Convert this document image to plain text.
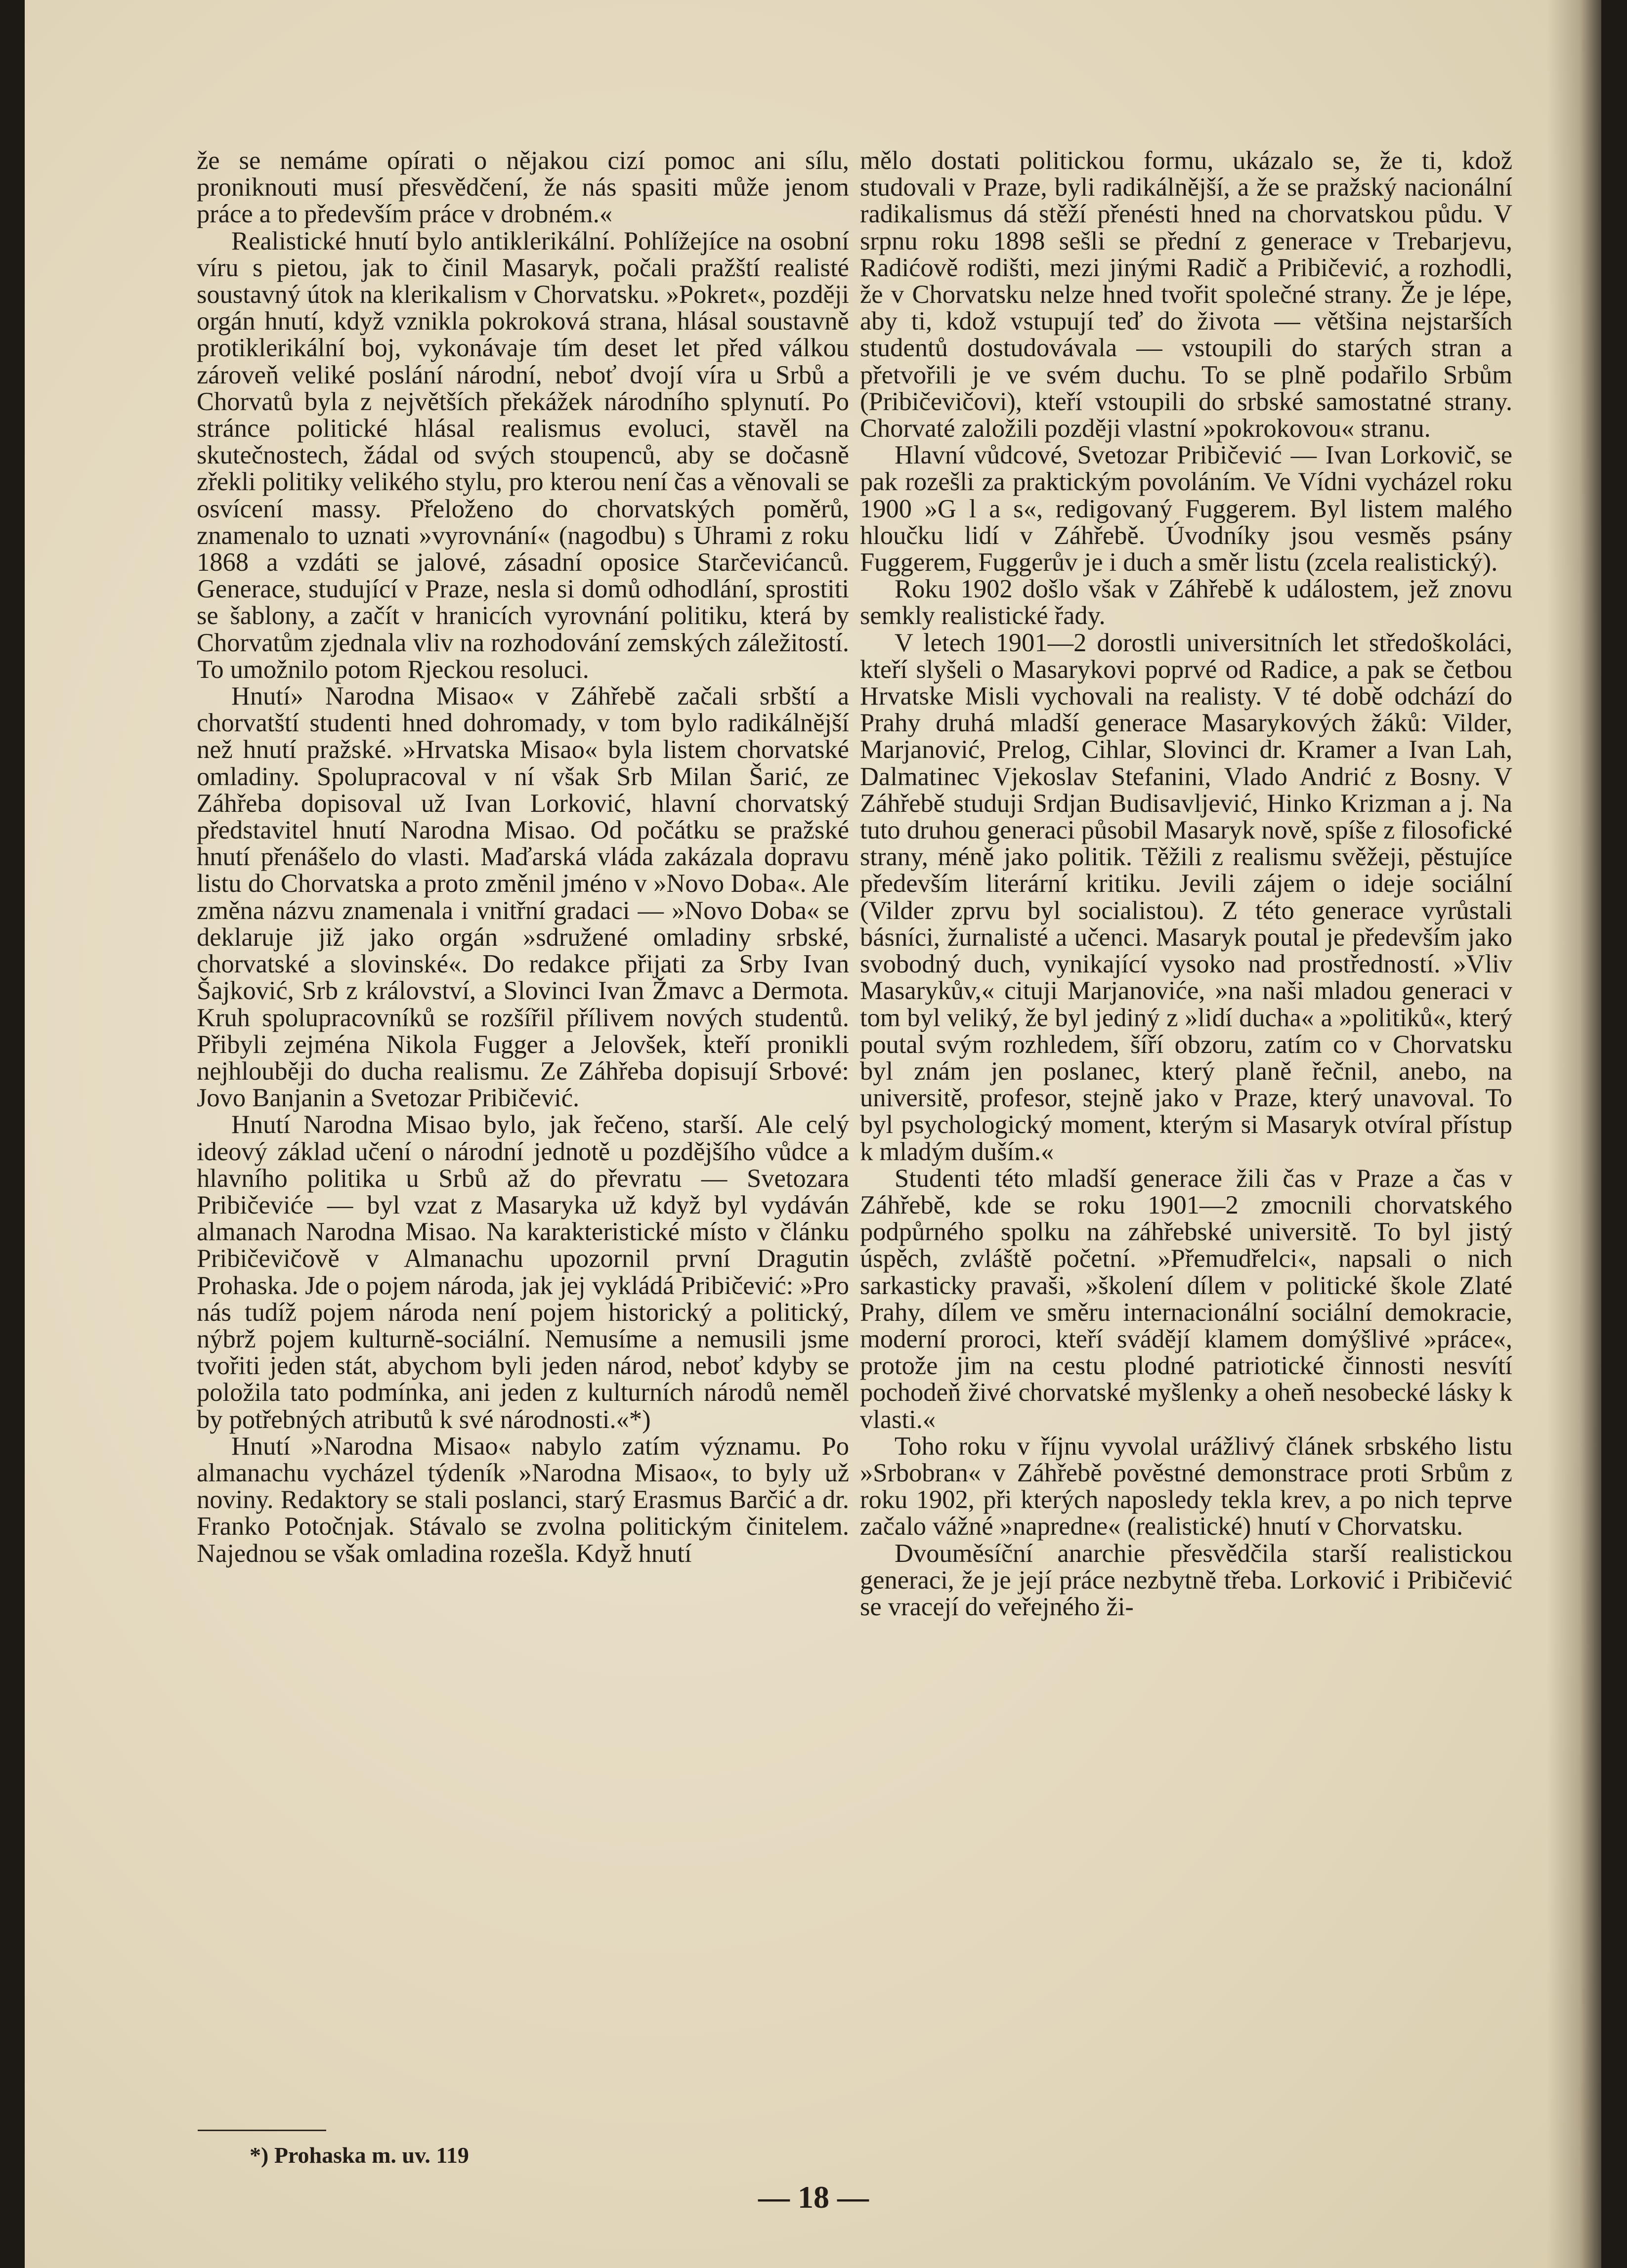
že se nemáme opírati o nějakou cizí pomoc ani sílu, proniknouti musí přesvědčení, že nás spasiti může jenom práce a to především práce v drobném.«

Realistické hnutí bylo antiklerikální. Pohlížejíce na osobní víru s pietou, jak to činil Masaryk, počali pražští realisté soustavný útok na klerikalism v Chorvatsku. »Pokret«, později orgán hnutí, když vznikla pokroková strana, hlásal soustavně protiklerikální boj, vykonávaje tím deset let před válkou zároveň veliké poslání národní, neboť dvojí víra u Srbů a Chorvatů byla z největších překážek národního splynutí. Po stránce politické hlásal realismus evoluci, stavěl na skutečnostech, žádal od svých stoupenců, aby se dočasně zřekli politiky velikého stylu, pro kterou není čas a věnovali se osvícení massy. Přeloženo do chorvatských poměrů, znamenalo to uznati »vyrovnání« (nagodbu) s Uhrami z roku 1868 a vzdáti se jalové, zásadní oposice Starčevićanců. Generace, studující v Praze, nesla si domů odhodlání, sprostiti se šablony, a začít v hranicích vyrovnání politiku, která by Chorvatům zjednala vliv na rozhodování zemských záležitostí. To umožnilo potom Rjeckou resoluci.

Hnutí» Narodna Misao« v Záhřebě začali srbští a chorvatští studenti hned dohromady, v tom bylo radikálnější než hnutí pražské. »Hrvatska Misao« byla listem chorvatské omladiny. Spolupracoval v ní však Srb Milan Šarić, ze Záhřeba dopisoval už Ivan Lorković, hlavní chorvatský představitel hnutí Narodna Misao. Od počátku se pražské hnutí přenášelo do vlasti. Maďarská vláda zakázala dopravu listu do Chorvatska a proto změnil jméno v »Novo Doba«. Ale změna názvu znamenala i vnitřní gradaci — »Novo Doba« se deklaruje již jako orgán »sdružené omladiny srbské, chorvatské a slovinské«. Do redakce přijati za Srby Ivan Šajković, Srb z království, a Slovinci Ivan Žmavc a Dermota. Kruh spolupracovníků se rozšířil přílivem nových studentů. Přibyli zejména Nikola Fugger a Jelovšek, kteří pronikli nejhlouběji do ducha realismu. Ze Záhřeba dopisují Srbové: Jovo Banjanin a Svetozar Pribičević.

Hnutí Narodna Misao bylo, jak řečeno, starší. Ale celý ideový základ učení o národní jednotě u pozdějšího vůdce a hlavního politika u Srbů až do převratu — Svetozara Pribičeviće — byl vzat z Masaryka už když byl vydáván almanach Narodna Misao. Na karakteristické místo v článku Pribičevičově v Almanachu upozornil první Dragutin Prohaska. Jde o pojem národa, jak jej vykládá Pribičević: »Pro nás tudíž pojem národa není pojem historický a politický, nýbrž pojem kulturně-sociální. Nemusíme a nemusili jsme tvořiti jeden stát, abychom byli jeden národ, neboť kdyby se položila tato podmínka, ani jeden z kulturních národů neměl by potřebných atributů k své národnosti.«*)

Hnutí »Narodna Misao« nabylo zatím významu. Po almanachu vycházel týdeník »Narodna Misao«, to byly už noviny. Redaktory se stali poslanci, starý Erasmus Barčić a dr. Franko Potočnjak. Stávalo se zvolna politickým činitelem. Najednou se však omladina rozešla. Když hnutí

mělo dostati politickou formu, ukázalo se, že ti, kdož studovali v Praze, byli radikálnější, a že se pražský nacionální radikalismus dá stěží přenésti hned na chorvatskou půdu. V srpnu roku 1898 sešli se přední z generace v Trebarjevu, Radićově rodišti, mezi jinými Radič a Pribičević, a rozhodli, že v Chorvatsku nelze hned tvořit společné strany. Že je lépe, aby ti, kdož vstupují teď do života — většina nejstarších studentů dostudovávala — vstoupili do starých stran a přetvořili je ve svém duchu. To se plně podařilo Srbům (Pribičevičovi), kteří vstoupili do srbské samostatné strany. Chorvaté založili později vlastní »pokrokovou« stranu.

Hlavní vůdcové, Svetozar Pribičević — Ivan Lorkovič, se pak rozešli za praktickým povoláním. Ve Vídni vycházel roku 1900 »G l a s«, redigovaný Fuggerem. Byl listem malého hloučku lidí v Záhřebě. Úvodníky jsou vesměs psány Fuggerem, Fuggerův je i duch a směr listu (zcela realistický).

Roku 1902 došlo však v Záhřebě k událostem, jež znovu semkly realistické řady.

V letech 1901—2 dorostli universitních let středoškoláci, kteří slyšeli o Masarykovi poprvé od Radice, a pak se četbou Hrvatske Misli vychovali na realisty. V té době odchází do Prahy druhá mladší generace Masarykových žáků: Vilder, Marjanović, Prelog, Cihlar, Slovinci dr. Kramer a Ivan Lah, Dalmatinec Vjekoslav Stefanini, Vlado Andrić z Bosny. V Záhřebě studuji Srdjan Budisavljević, Hinko Krizman a j. Na tuto druhou generaci působil Masaryk nově, spíše z filosofické strany, méně jako politik. Těžili z realismu svěžeji, pěstujíce především literární kritiku. Jevili zájem o ideje sociální (Vilder zprvu byl socialistou). Z této generace vyrůstali básníci, žurnalisté a učenci. Masaryk poutal je především jako svobodný duch, vynikající vysoko nad prostředností. »Vliv Masarykův,« cituji Marjanoviće, »na naši mladou generaci v tom byl veliký, že byl jediný z »lidí ducha« a »politiků«, který poutal svým rozhledem, šíří obzoru, zatím co v Chorvatsku byl znám jen poslanec, který planě řečnil, anebo, na universitě, profesor, stejně jako v Praze, který unavoval. To byl psychologický moment, kterým si Masaryk otvíral přístup k mladým duším.«

Studenti této mladší generace žili čas v Praze a čas v Záhřebě, kde se roku 1901—2 zmocnili chorvatského podpůrného spolku na záhřebské universitě. To byl jistý úspěch, zvláště početní. »Přemudřelci«, napsali o nich sarkasticky pravaši, »školení dílem v politické škole Zlaté Prahy, dílem ve směru internacionální sociální demokracie, moderní proroci, kteří svádějí klamem domýšlivé »práce«, protože jim na cestu plodné patriotické činnosti nesvítí pochodeň živé chorvatské myšlenky a oheň nesobecké lásky k vlasti.«

Toho roku v říjnu vyvolal urážlivý článek srbského listu »Srbobran« v Záhřebě pověstné demonstrace proti Srbům z roku 1902, při kterých naposledy tekla krev, a po nich teprve začalo vážné »napredne« (realistické) hnutí v Chorvatsku.

Dvouměsíční anarchie přesvědčila starší realistickou generaci, že je její práce nezbytně třeba. Lorković i Pribičević se vracejí do veřejného ži-

*) Prohaska m. uv. 119
— 18 —
